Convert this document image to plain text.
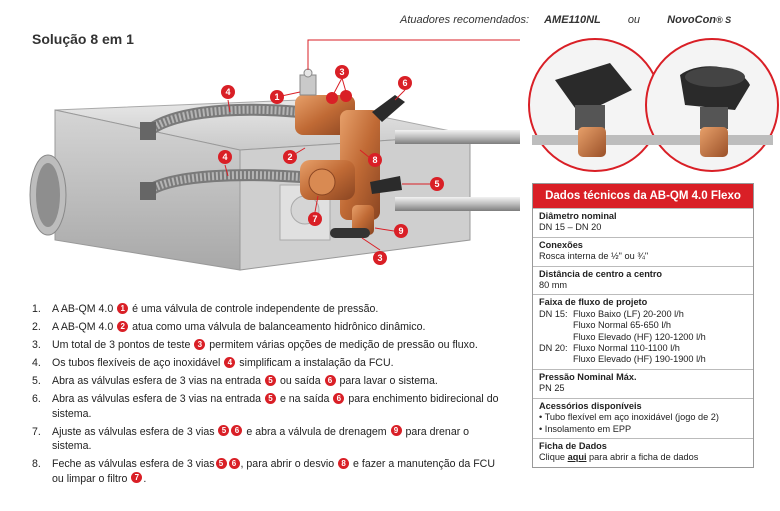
Solução 8 em 1
Atuadores recomendados: AME110NL ou NovoCon® S
1
2
3
3
4
4
5
6
7
8
9
1. A AB-QM 4.0 1 é uma válvula de controle independente de pressão.
2. A AB-QM 4.0 2 atua como uma válvula de balanceamento hidrônico dinâmico.
3. Um total de 3 pontos de teste 3 permitem várias opções de medição de pressão ou fluxo.
4. Os tubos flexíveis de aço inoxidável 4 simplificam a instalação da FCU.
5. Abra as válvulas esfera de 3 vias na entrada 5 ou saída 6 para lavar o sistema.
6. Abra as válvulas esfera de 3 vias na entrada 5 e na saída 6 para enchimento bidirecional do sistema.
7. Ajuste as válvulas esfera de 3 vias 5 6 e abra a válvula de drenagem 9 para drenar o sistema.
8. Feche as válvulas esfera de 3 vias 5 6 , para abrir o desvio 8 e fazer a manutenção da FCU ou limpar o filtro 7 .
Dados técnicos da AB-QM 4.0 Flexo
Diâmetro nominal
DN 15 – DN 20
Conexões
Rosca interna de ½" ou ¾"
Distância de centro a centro
80 mm
Faixa de fluxo de projeto
DN 15: Fluxo Baixo (LF) 20-200 l/h
Fluxo Normal 65-650 l/h
Fluxo Elevado (HF) 120-1200 l/h
DN 20: Fluxo Normal 110-1100 l/h
Fluxo Elevado (HF) 190-1900 l/h
Pressão Nominal Máx.
PN 25
Acessórios disponíveis
• Tubo flexível em aço inoxidável (jogo de 2)
• Insolamento em EPP
Ficha de Dados
Clique aqui para abrir a ficha de dados
